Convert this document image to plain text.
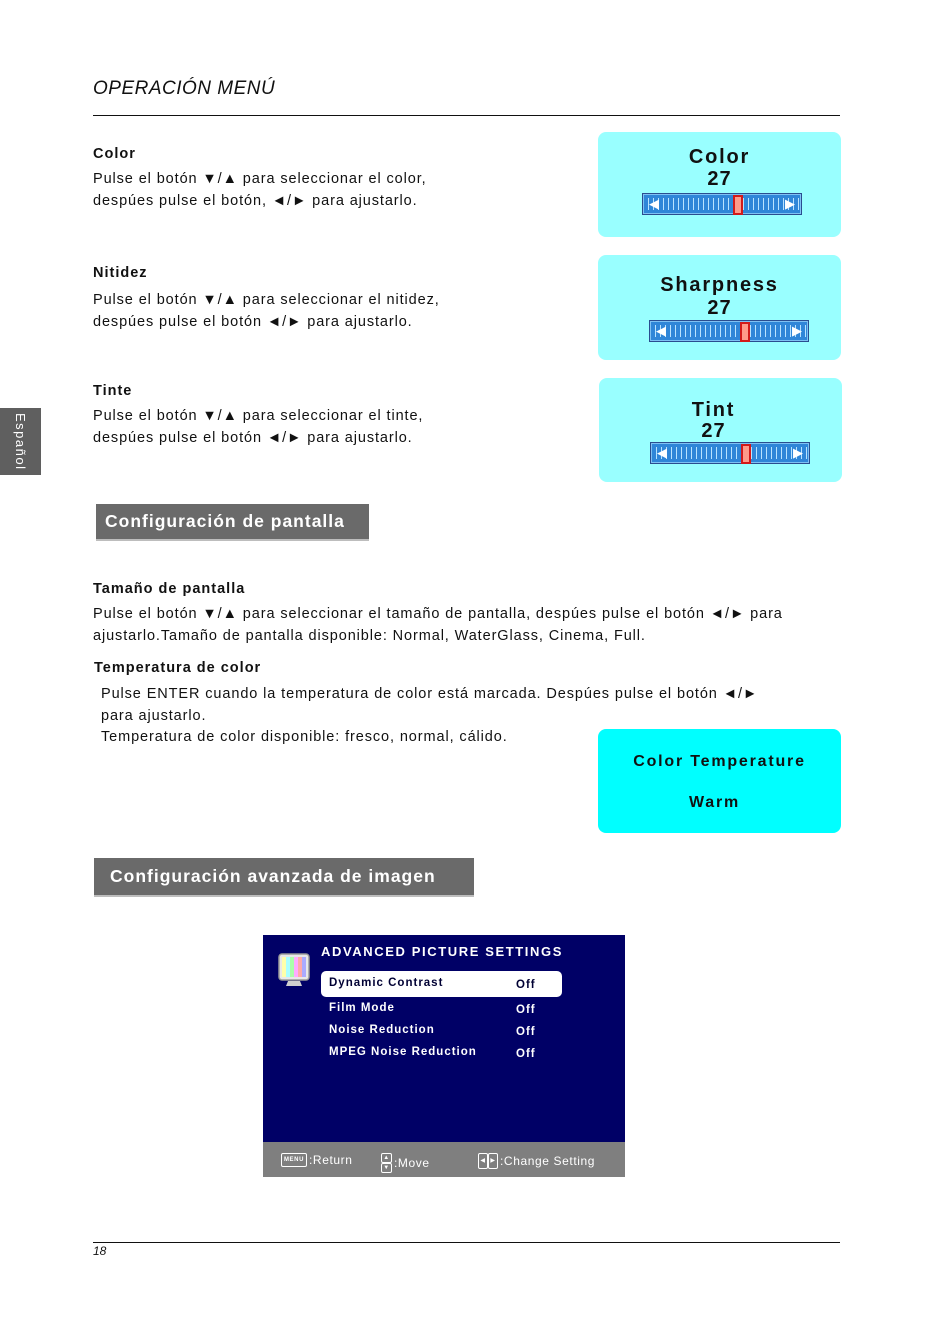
OPERACIÓN MENÚ
Español
Color
Pulse el botón ▼/▲ para seleccionar el color,
despúes pulse el botón, ◄/► para ajustarlo.
Color
27
◀	▶
Nitidez
Pulse el botón ▼/▲ para seleccionar el nitidez,
despúes pulse el botón ◄/► para ajustarlo.
Sharpness
27
◀	▶
Tinte
Pulse el botón ▼/▲ para seleccionar el tinte,
despúes pulse el botón ◄/► para ajustarlo.
Tint
27
◀	▶
Configuración de pantalla
Tamaño de pantalla
Pulse el botón ▼/▲ para seleccionar el tamaño de pantalla, despúes pulse el botón ◄/► para
ajustarlo.Tamaño de pantalla disponible: Normal, WaterGlass, Cinema, Full.
Temperatura de color
Pulse ENTER cuando la temperatura de color está marcada. Despúes pulse el botón ◄/►
para ajustarlo.
Temperatura de color disponible: fresco, normal, cálido.
Color Temperature
Warm
Configuración avanzada de imagen
ADVANCED PICTURE SETTINGS
Dynamic Contrast	Off
Film Mode	Off
Noise Reduction	Off
MPEG Noise Reduction	Off
MENU :Return	▲
▼ :Move	◀ ▶ :Change Setting
18
